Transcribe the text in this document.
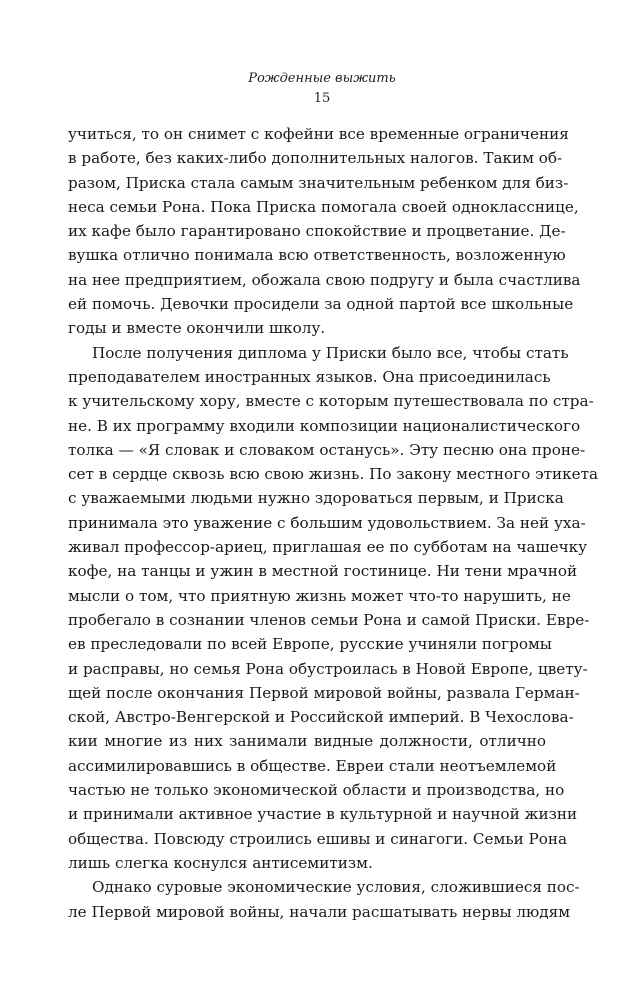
Рожденные выжить
15
учиться, то он снимет с кофейни все временные ограничения
в работе, без каких-либо дополнительных налогов. Таким об-
разом, Приска стала самым значительным ребенком для биз-
неса семьи Рона. Пока Приска помогала своей однокласснице,
их кафе было гарантировано спокойствие и процветание. Де-
вушка отлично понимала всю ответственность, возложенную
на нее предприятием, обожала свою подругу и была счастлива
ей помочь. Девочки просидели за одной партой все школьные
годы и вместе окончили школу.
После получения диплома у Приски было все, чтобы стать
преподавателем иностранных языков. Она присоединилась
к учительскому хору, вместе с которым путешествовала по стра-
не. В их программу входили композиции националистического
толка — «Я словак и словаком останусь». Эту песню она проне-
сет в сердце сквозь всю свою жизнь. По закону местного этикета
с уважаемыми людьми нужно здороваться первым, и Приска
принимала это уважение с большим удовольствием. За ней уха-
живал профессор-ариец, приглашая ее по субботам на чашечку
кофе, на танцы и ужин в местной гостинице. Ни тени мрачной
мысли о том, что приятную жизнь может что-то нарушить, не
пробегало в сознании членов семьи Рона и самой Приски. Евре-
ев преследовали по всей Европе, русские учиняли погромы
и расправы, но семья Рона обустроилась в Новой Европе, цвету-
щей после окончания Первой мировой войны, развала Герман-
ской, Австро-Венгерской и Российской империй. В Чехослова-
кии многие из них занимали видные должности, отлично
ассимилировавшись в обществе. Евреи стали неотъемлемой
частью не только экономической области и производства, но
и принимали активное участие в культурной и научной жизни
общества. Повсюду строились ешивы и синагоги. Семьи Рона
лишь слегка коснулся антисемитизм.
Однако суровые экономические условия, сложившиеся пос-
ле Первой мировой войны, начали расшатывать нервы людям
